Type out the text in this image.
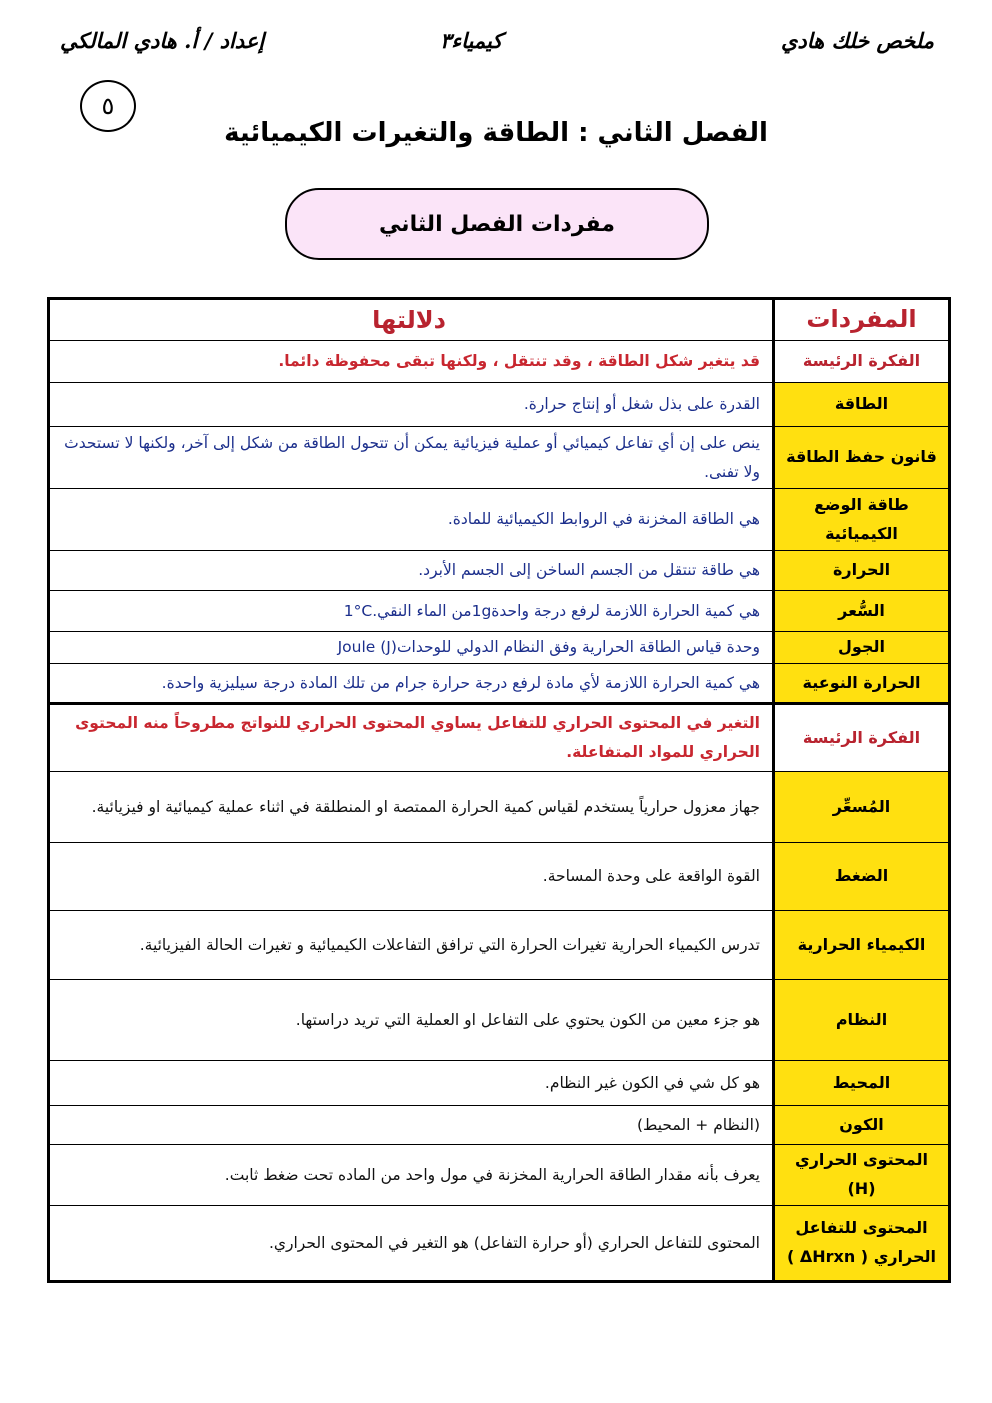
ملخص خلك هادي
كيمياء٣
إعداد / أ. هادي المالكي
٥
الفصل الثاني : الطاقة والتغيرات الكيميائية
مفردات الفصل الثاني
المفردات
دلالتها
الفكرة الرئيسة
قد يتغير شكل الطاقة ، وقد تنتقل ، ولكنها تبقى محفوظة دائما.
الطاقة
القدرة على بذل شغل أو إنتاج حرارة.
قانون حفظ الطاقة
ينص على إن أي تفاعل كيميائي أو عملية فيزيائية يمكن أن تتحول الطاقة من شكل إلى آخر، ولكنها لا تستحدث ولا تفنى.
طاقة الوضع الكيميائية
هي الطاقة المخزنة في الروابط الكيميائية للمادة.
الحرارة
هي طاقة تنتقل من الجسم الساخن إلى الجسم الأبرد.
السُّعر
هي كمية الحرارة اللازمة لرفع درجة واحدة
1g
من الماء النقي
1°C.
الجول
وحدة قياس الطاقة الحرارية وفق النظام الدولي للوحدات
(Joule (J
الحرارة النوعية
هي كمية الحرارة اللازمة لأي مادة لرفع درجة حرارة جرام من تلك المادة درجة سيليزية واحدة.
الفكرة الرئيسة
التغير في المحتوى الحراري للتفاعل يساوي المحتوى الحراري للنواتج مطروحاً منه المحتوى الحراري للمواد المتفاعلة.
المُسعِّر
جهاز معزول حرارياً يستخدم لقياس كمية الحرارة الممتصة او المنطلقة في اثناء عملية كيميائية او فيزيائية.
الضغط
القوة الواقعة على وحدة المساحة.
الكيمياء الحرارية
تدرس الكيمياء الحرارية تغيرات الحرارة التي ترافق التفاعلات الكيميائية و تغيرات الحالة الفيزيائية.
النظام
هو جزء معين من الكون يحتوي على التفاعل او العملية التي تريد دراستها.
المحيط
هو كل شي في الكون غير النظام.
الكون
(النظام + المحيط)
المحتوى الحراري (H)
يعرف بأنه مقدار الطاقة الحرارية المخزنة في مول واحد من الماده تحت ضغط ثابت.
المحتوى للتفاعل الحراري ( ΔHrxn )
المحتوى للتفاعل الحراري (أو حرارة التفاعل) هو التغير في المحتوى الحراري.
